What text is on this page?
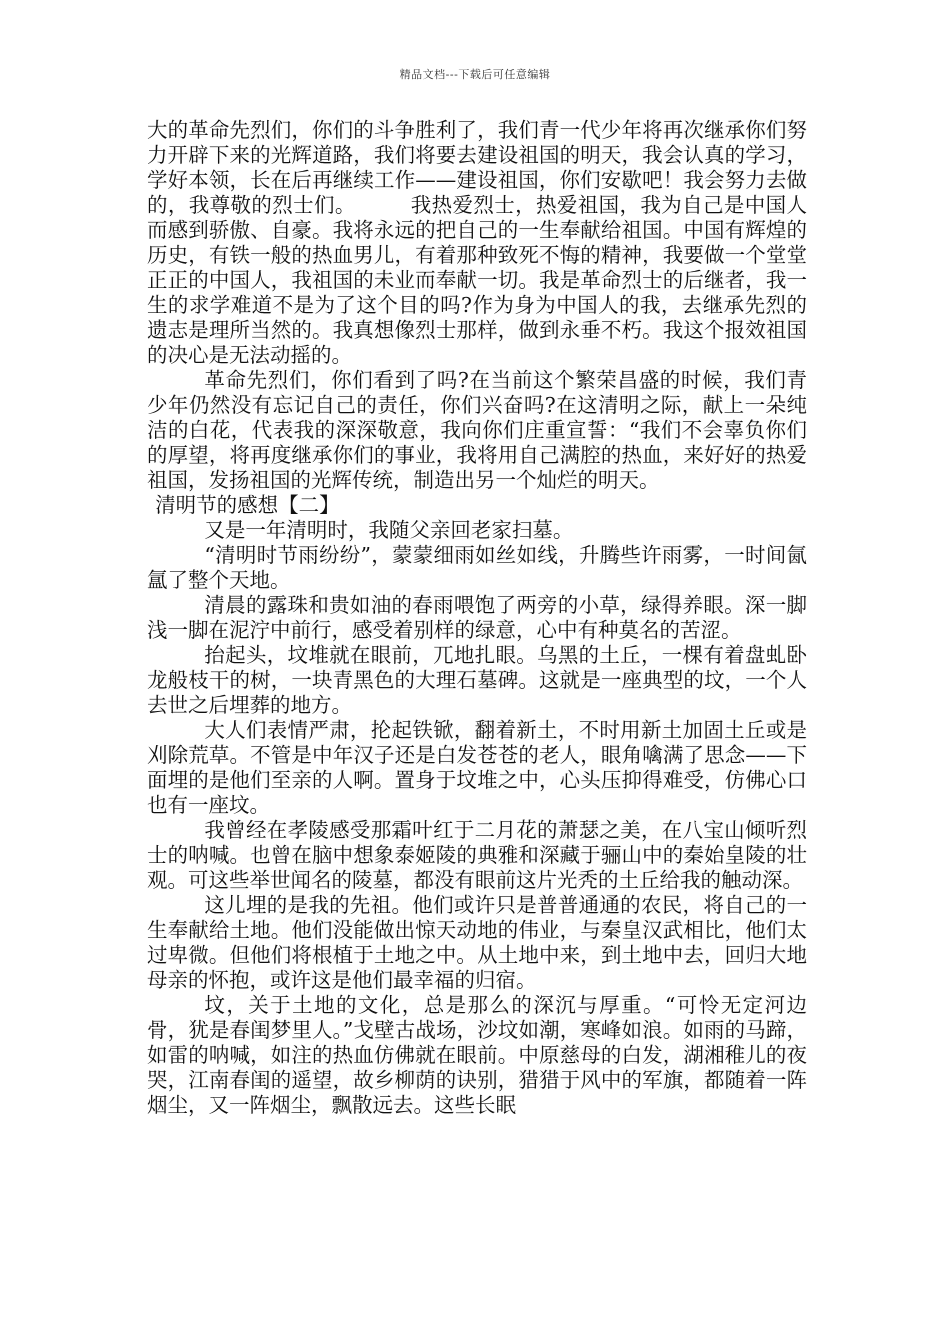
精品文档---下载后可任意编辑

大的革命先烈们，你们的斗争胜利了，我们青一代少年将再次继承你们努力开辟下来的光辉道路，我们将要去建设祖国的明天，我会认真的学习，学好本领，长在后再继续工作——建设祖国，你们安歇吧！我会努力去做的，我尊敬的烈士们。        我热爱烈士，热爱祖国，我为自己是中国人而感到骄傲、自豪。我将永远的把自己的一生奉献给祖国。中国有辉煌的历史，有铁一般的热血男儿，有着那种致死不悔的精神，我要做一个堂堂正正的中国人，我祖国的未业而奉献一切。我是革命烈士的后继者，我一生的求学难道不是为了这个目的吗?作为身为中国人的我，去继承先烈的遗志是理所当然的。我真想像烈士那样，做到永垂不朽。我这个报效祖国的决心是无法动摇的。

革命先烈们，你们看到了吗?在当前这个繁荣昌盛的时候，我们青少年仍然没有忘记自己的责任，你们兴奋吗?在这清明之际，献上一朵纯洁的白花，代表我的深深敬意，我向你们庄重宣誓：“我们不会辜负你们的厚望，将再度继承你们的事业，我将用自己满腔的热血，来好好的热爱祖国，发扬祖国的光辉传统，制造出另一个灿烂的明天。

清明节的感想【二】

又是一年清明时，我随父亲回老家扫墓。

“清明时节雨纷纷”，蒙蒙细雨如丝如线，升腾些许雨雾，一时间氤氲了整个天地。

清晨的露珠和贵如油的春雨喂饱了两旁的小草，绿得养眼。深一脚浅一脚在泥泞中前行，感受着别样的绿意，心中有种莫名的苦涩。

抬起头，坟堆就在眼前，兀地扎眼。乌黑的土丘，一棵有着盘虬卧龙般枝干的树，一块青黑色的大理石墓碑。这就是一座典型的坟，一个人去世之后埋葬的地方。

大人们表情严肃，抡起铁锨，翻着新土，不时用新土加固土丘或是刈除荒草。不管是中年汉子还是白发苍苍的老人，眼角噙满了思念——下面埋的是他们至亲的人啊。置身于坟堆之中，心头压抑得难受，仿佛心口也有一座坟。

我曾经在孝陵感受那霜叶红于二月花的萧瑟之美，在八宝山倾听烈士的呐喊。也曾在脑中想象泰姬陵的典雅和深藏于骊山中的秦始皇陵的壮观。可这些举世闻名的陵墓，都没有眼前这片光秃的土丘给我的触动深。

这儿埋的是我的先祖。他们或许只是普普通通的农民，将自己的一生奉献给土地。他们没能做出惊天动地的伟业，与秦皇汉武相比，他们太过卑微。但他们将根植于土地之中。从土地中来，到土地中去，回归大地母亲的怀抱，或许这是他们最幸福的归宿。

坟，关于土地的文化，总是那么的深沉与厚重。“可怜无定河边骨，犹是春闺梦里人。”戈壁古战场，沙坟如潮，寒峰如浪。如雨的马蹄，如雷的呐喊，如注的热血仿佛就在眼前。中原慈母的白发，湖湘稚儿的夜哭，江南春闺的遥望，故乡柳荫的诀别，猎猎于风中的军旗，都随着一阵烟尘，又一阵烟尘，飘散远去。这些长眠
